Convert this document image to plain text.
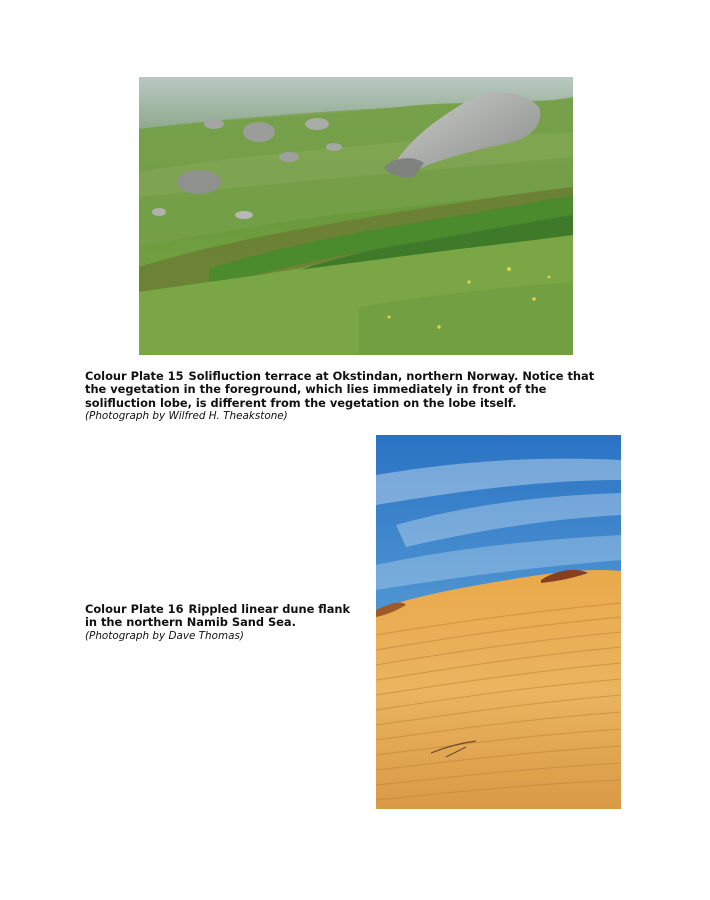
Colour Plate 15 Solifluction terrace at Okstindan, northern Norway. Notice that the vegetation in the foreground, which lies immediately in front of the solifluction lobe, is different from the vegetation on the lobe itself.
(Photograph by Wilfred H. Theakstone)
Colour Plate 16 Rippled linear dune flank in the northern Namib Sand Sea.
(Photograph by Dave Thomas)
